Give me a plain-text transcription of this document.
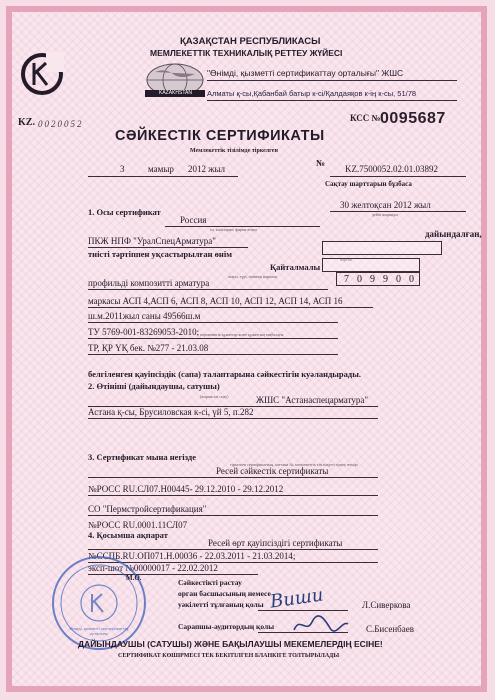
ҚАЗАҚСТАН РЕСПУБЛИКАСЫ
МЕМЛЕКЕТТІК ТЕХНИКАЛЫҚ РЕТТЕУ ЖҮЙЕСІ
KAZAKHSTAN
"Өнімді, қызметті сертификаттау орталығы" ЖШС
Алматы қ-сы,Қабанбай батыр к-сі/Қалдаяқов к-ің к-сы, 51/78
KZ. 0020052
КСС № 0095687
СӘЙКЕСТІК СЕРТИФИКАТЫ
Мемлекеттік тізілімде тіркелген
3	мамыр 2012 жыл
№
KZ.7500052.02.01.03892
Сақтау шарттарын бұзбаса
30 желтоқсан 2012 жыл
дейін жарамды
1. Осы сертификат
Россия
ел, кәсіпорын, фирма атауы	дайындалған,
ПКЖ НПФ "УралСпецАрматура"
тиісті тәртіппен уқсастырылған өнім
Қайталмалы
партия
7 0 9 9 0 0
профильді композитті арматура
атауы, түрі, өнімнің маркасы
маркасы АСП 4,АСП 6, АСП 8, АСП 10, АСП 12, АСП 14, АСП 16
ш.м.2011жыл саны 49566ш.м
ТУ 5769-001-83269053-2010; нормативтік құжаттар және құжаттың таңбалауы
ТР, ҚР ҮҚ бек. №277 - 21.03.08
белгіленген қауіпсіздік (сапа) талаптарына сәйкестігін куәландырады.
2. Өтініші (дайындаушы, сатушы)
(жарамсыз сызу)	ЖШС "Астанаспецарматура"
Астана қ-сы, Брусиловская к-сі, үй 5, п.282
3. Сертификат мына негізде
тіркелген сертификаттың, хаттама №, мемлекеттік тізілімдегі тіркеу нөмірі
Ресей сәйкестік сертификаты
№РОСС RU.СЛ07.Н00445- 29.12.2010 - 29.12.2012
СО "Пермстройсертификация"
№РОСС RU.0001.11СЛ07
4. Қосымша ақпарат
Ресей өрт қауіпсіздігі сертификаты
№ССПБ.RU.ОП071.Н.00036 - 22.03.2011 - 21.03.2014;
эксп-шот №00000017 - 22.02.2012
Өнімді, қызметті сертификаттау орталығы
М.О.	Сәйкестікті растау
орган басшысының немесе
уәкілетті тұлғаның қолы Виши	Л.Сиверкова
Сарапшы-аудитордың қолы	С.Бисенбаев
ДАЙЫНДАУШЫ (САТУШЫ) ЖӘНЕ БАҚЫЛАУШЫ МЕКЕМЕЛЕРДІҢ ЕСІНЕ!
СЕРТИФИКАТ КӨШІРМЕСІ ТЕК БЕКІТІЛГЕН БЛАНКІГЕ ТОЛТЫРЫЛАДЫ
